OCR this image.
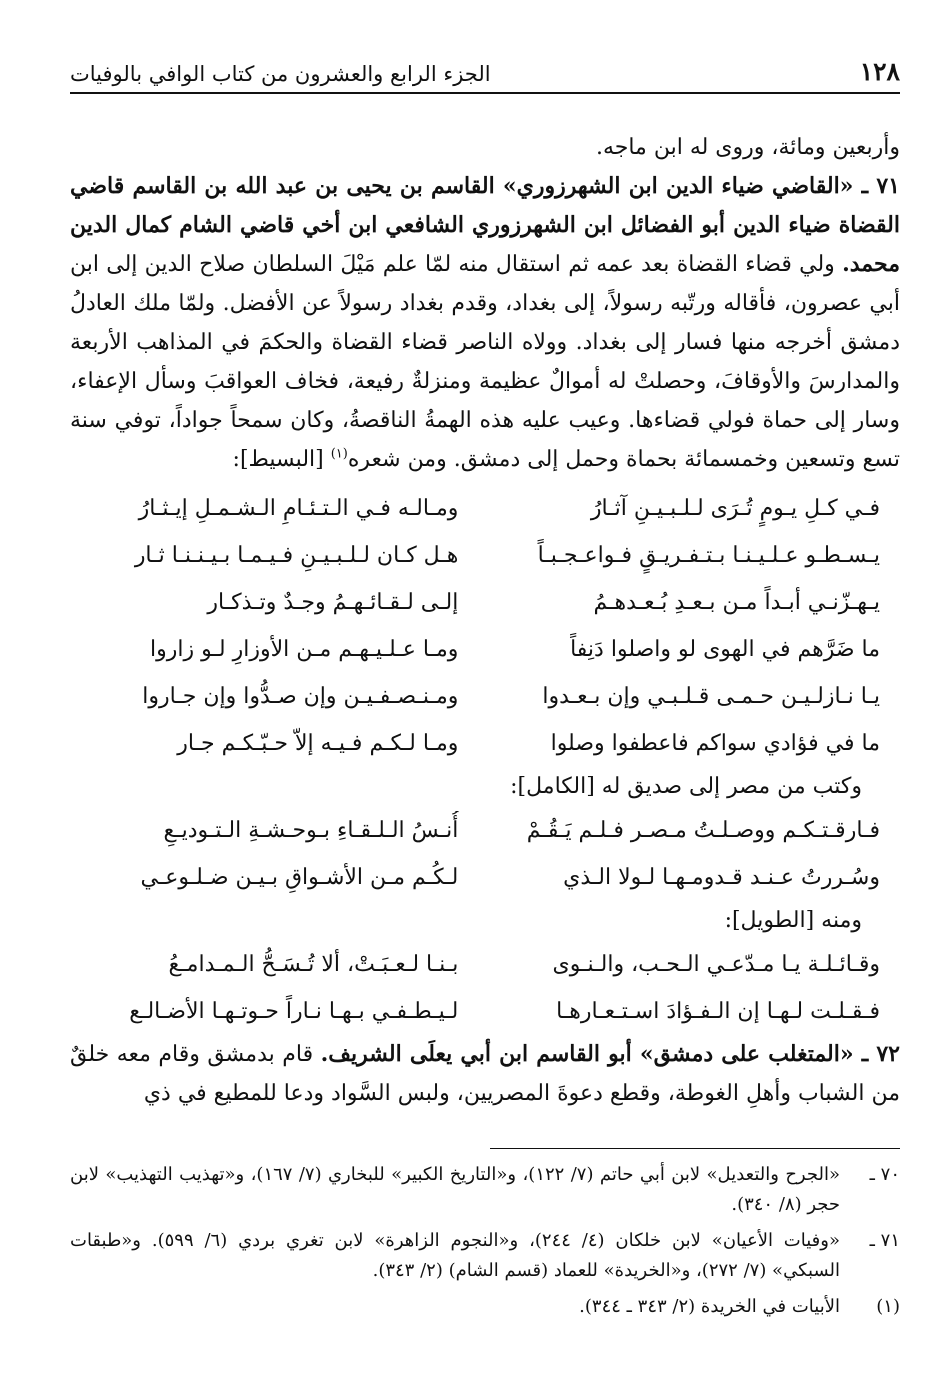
الجزء الرابع والعشرون من كتاب الوافي بالوفيات	١٢٨

وأربعين ومائة، وروى له ابن ماجه.

٧١ ـ «القاضي ضياء الدين ابن الشهرزوري» القاسم بن يحيى بن عبد الله بن القاسم قاضي القضاة ضياء الدين أبو الفضائل ابن الشهرزوري الشافعي ابن أخي قاضي الشام كمال الدين محمد. ولي قضاء القضاة بعد عمه ثم استقال منه لمّا علم مَيْلَ السلطان صلاح الدين إلى ابن أبي عصرون، فأقاله ورتّبه رسولاً، إلى بغداد، وقدم بغداد رسولاً عن الأفضل. ولمّا ملك العادلُ دمشق أخرجه منها فسار إلى بغداد. وولاه الناصر قضاء القضاة والحكمَ في المذاهب الأربعة والمدارسَ والأوقافَ، وحصلتْ له أموالٌ عظيمة ومنزلةٌ رفيعة، فخاف العواقبَ وسأل الإعفاء، وسار إلى حماة فولي قضاءها. وعيب عليه هذه الهمةُ الناقصةُ، وكان سمحاً جواداً، توفي سنة تسع وتسعين وخمسمائة بحماة وحمل إلى دمشق. ومن شعره$^{(١)}$ [البسيط]:

فـي كـلِ يـومٍ تُـرَى لـلـبـيـنِ آثـارُ
ومـالـه فـي الـتـئـامِ الـشـمـلِ إيـثـارُ
يـسـطـو عـلـيـنـا بـتـفـريـقٍ فـواعـجـبـاً
هـل كـان لـلـبـيـنِ فـيـمـا بـيـنـنـا ثـار
يـهـزّنـي أبـداً مـن بـعـدِ بُـعـدهـمُ
إلـى لـقـائـهـمُ وجـدٌ وتـذكـار
ما ضَرَّهم في الهوى لو واصلوا دَنِفاً
ومـا عـلـيـهـم مـن الأوزارِ لـو زاروا
يـا نـازلـيـن حـمـى قـلـبـي وإن بـعـدوا
ومـنـصـفـيـن وإن صـدُّوا وإن جـاروا
ما في فؤادي سواكم فاعطفوا وصلوا
ومـا لـكـم فـيـه إلاّ حـبّـكـم جـار
وكتب من مصر إلى صديق له [الكامل]:
فـارقـتـكـم ووصـلـتُ مـصـر فـلـم يَـقُـمْ
أُنـسُ الـلـقـاءِ بـوحـشـةِ الـتـوديـعِ
وسُـررتُ عـنـد قـدومـهـا لـولا الـذي
لـكُـم مـن الأشـواقِ بـيـن ضـلـوعـي
ومنه [الطويل]:
وقـائـلـة يـا مـدّعـي الـحـب، والـنـوى
بـنـا لـعـبَـتْ، ألا تُـسَـحُّ الـمـدامـعُ
فـقـلـت لـهـا إن الـفـؤادَ اسـتـعـارهـا
لـيـطـفـي بـهـا نـاراً حـوتـهـا الأضـالـع

٧٢ ـ «المتغلب على دمشق» أبو القاسم ابن أبي يعلَى الشريف. قام بدمشق وقام معه خلقٌ من الشباب وأهلِ الغوطة، وقطع دعوةَ المصريين، ولبس السَّواد ودعا للمطيع في ذي

٧٠ ـ
«الجرح والتعديل» لابن أبي حاتم (٧/ ١٢٢)، و«التاريخ الكبير» للبخاري (٧/ ١٦٧)، و«تهذيب التهذيب» لابن حجر (٨/ ٣٤٠).
٧١ ـ
«وفيات الأعيان» لابن خلكان (٤/ ٢٤٤)، و«النجوم الزاهرة» لابن تغري بردي (٦/ ٥٩٩). و«طبقات السبكي» (٧/ ٢٧٢)، و«الخريدة» للعماد (قسم الشام) (٢/ ٣٤٣).
(١)
الأبيات في الخريدة (٢/ ٣٤٣ ـ ٣٤٤).
